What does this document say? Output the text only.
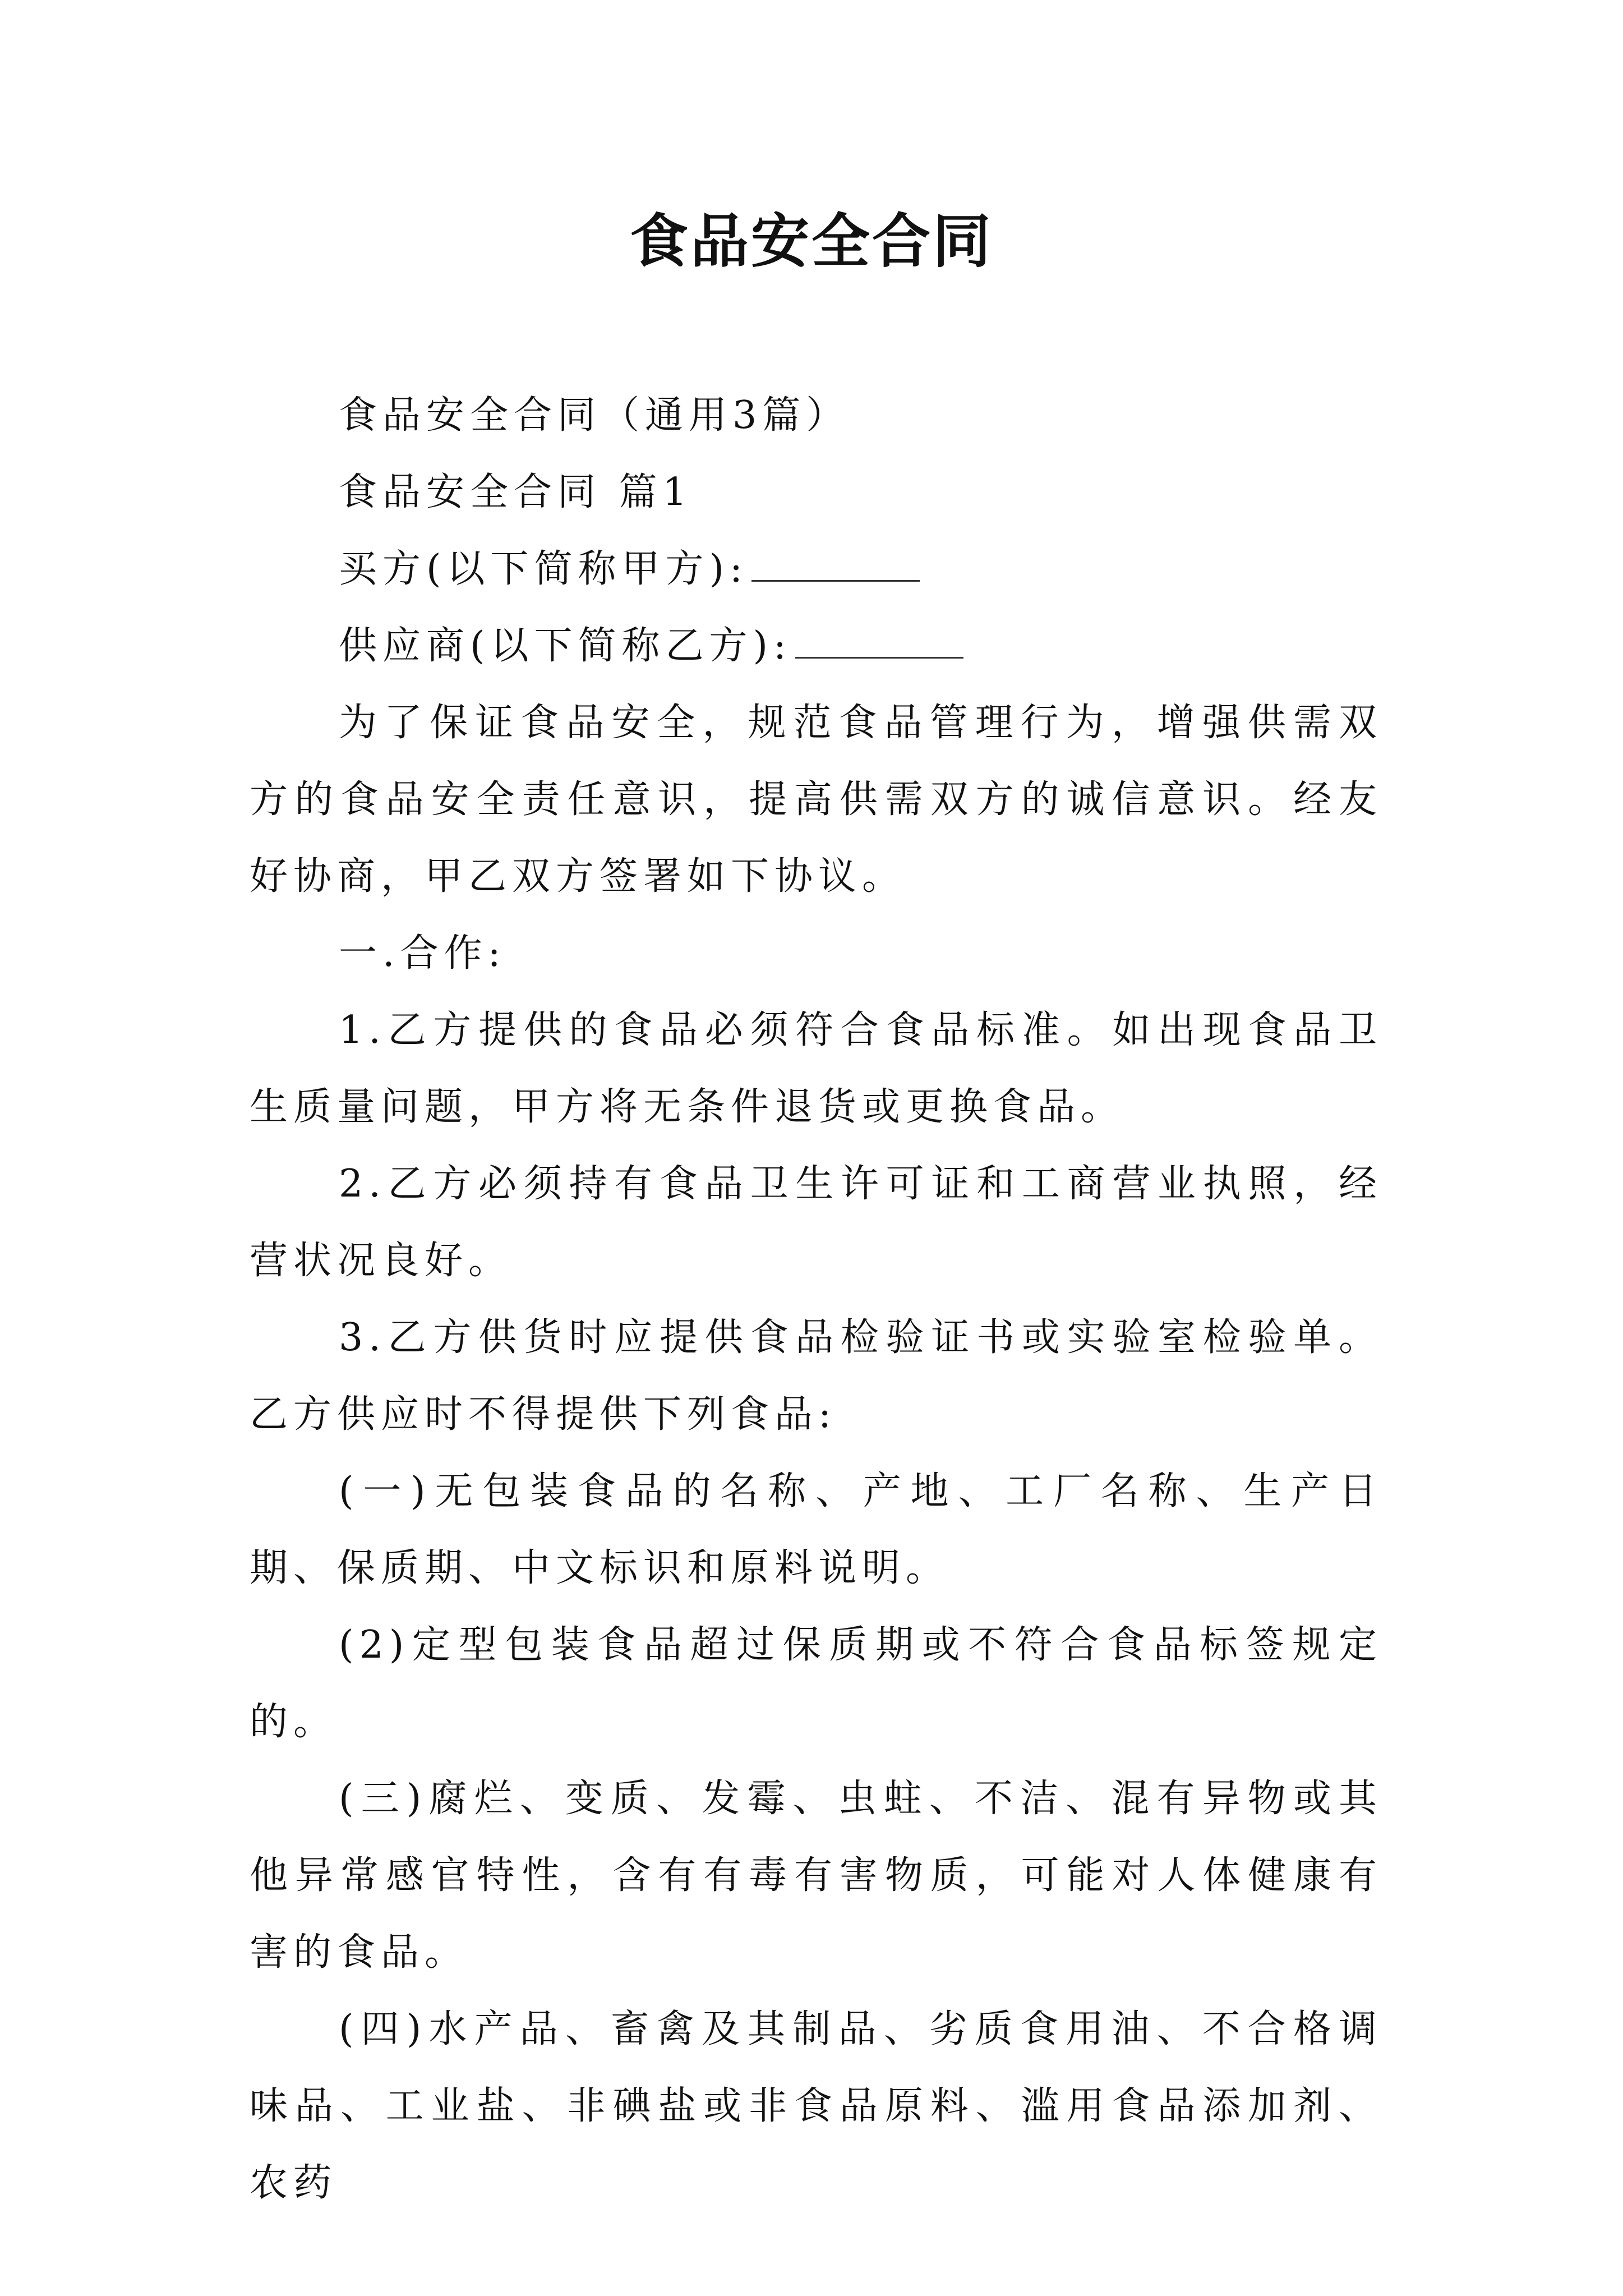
食品安全合同

食品安全合同（通用3篇）

食品安全合同 篇1

买方(以下简称甲方):

供应商(以下简称乙方):

为了保证食品安全，规范食品管理行为，增强供需双方的食品安全责任意识，提高供需双方的诚信意识。经友好协商，甲乙双方签署如下协议。

一.合作:

1.乙方提供的食品必须符合食品标准。如出现食品卫生质量问题，甲方将无条件退货或更换食品。

2.乙方必须持有食品卫生许可证和工商营业执照，经营状况良好。

3.乙方供货时应提供食品检验证书或实验室检验单。乙方供应时不得提供下列食品:

(一)无包装食品的名称、产地、工厂名称、生产日期、保质期、中文标识和原料说明。

(2)定型包装食品超过保质期或不符合食品标签规定的。

(三)腐烂、变质、发霉、虫蛀、不洁、混有异物或其他异常感官特性，含有有毒有害物质，可能对人体健康有害的食品。

(四)水产品、畜禽及其制品、劣质食用油、不合格调味品、工业盐、非碘盐或非食品原料、滥用食品添加剂、农药
